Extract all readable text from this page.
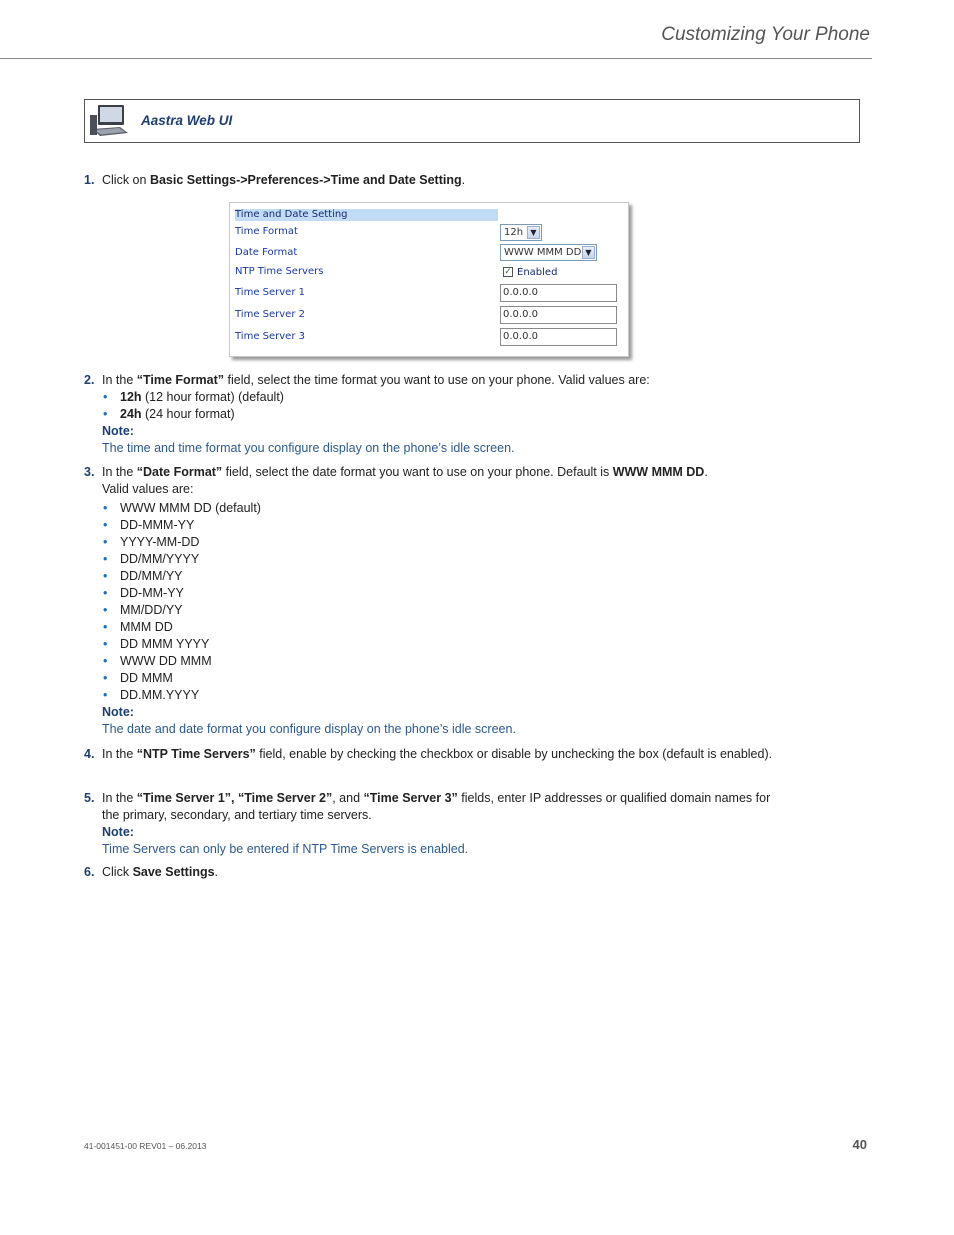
Customizing Your Phone
Aastra Web UI
1. Click on Basic Settings->Preferences->Time and Date Setting.
Time and Date Setting
Time Format	12h ▼
Date Format	WWW MMM DD ▼
NTP Time Servers	✓ Enabled
Time Server 1	0.0.0.0
Time Server 2	0.0.0.0
Time Server 3	0.0.0.0
2. In the “Time Format” field, select the time format you want to use on your phone. Valid values are:
• 12h (12 hour format) (default)
• 24h (24 hour format)
Note:
The time and time format you configure display on the phone’s idle screen.
3. In the “Date Format” field, select the date format you want to use on your phone. Default is WWW MMM DD.
Valid values are:
• WWW MMM DD (default)
• DD-MMM-YY
• YYYY-MM-DD
• DD/MM/YYYY
• DD/MM/YY
• DD-MM-YY
• MM/DD/YY
• MMM DD
• DD MMM YYYY
• WWW DD MMM
• DD MMM
• DD.MM.YYYY
Note:
The date and date format you configure display on the phone’s idle screen.
4. In the “NTP Time Servers” field, enable by checking the checkbox or disable by unchecking the box (default is enabled).
5. In the “Time Server 1”, “Time Server 2”, and “Time Server 3” fields, enter IP addresses or qualified domain names for the primary, secondary, and tertiary time servers.
Note:
Time Servers can only be entered if NTP Time Servers is enabled.
6. Click Save Settings.
41-001451-00 REV01 – 06.2013	40
